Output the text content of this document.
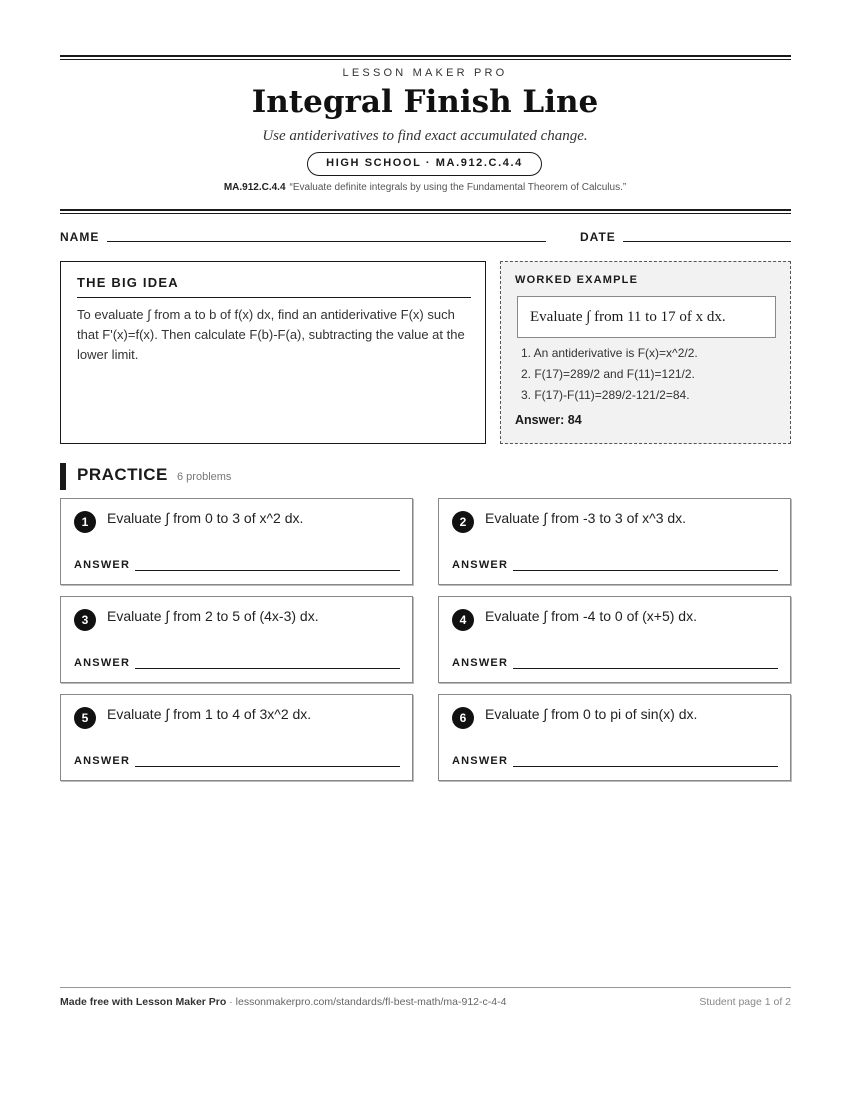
LESSON MAKER PRO
Integral Finish Line
Use antiderivatives to find exact accumulated change.
HIGH SCHOOL · MA.912.C.4.4
MA.912.C.4.4 “Evaluate definite integrals by using the Fundamental Theorem of Calculus.”
NAME	DATE
THE BIG IDEA
To evaluate ∫ from a to b of f(x) dx, find an antiderivative F(x) such that F'(x)=f(x). Then calculate F(b)-F(a), subtracting the value at the lower limit.
WORKED EXAMPLE
Evaluate ∫ from 11 to 17 of x dx.
1. An antiderivative is F(x)=x^2/2.
2. F(17)=289/2 and F(11)=121/2.
3. F(17)-F(11)=289/2-121/2=84.
Answer: 84
PRACTICE 6 problems
1	Evaluate ∫ from 0 to 3 of x^2 dx.
ANSWER
2	Evaluate ∫ from -3 to 3 of x^3 dx.
ANSWER
3	Evaluate ∫ from 2 to 5 of (4x-3) dx.
ANSWER
4	Evaluate ∫ from -4 to 0 of (x+5) dx.
ANSWER
5	Evaluate ∫ from 1 to 4 of 3x^2 dx.
ANSWER
6	Evaluate ∫ from 0 to pi of sin(x) dx.
ANSWER
Made free with Lesson Maker Pro · lessonmakerpro.com/standards/fl-best-math/ma-912-c-4-4	Student page 1 of 2
